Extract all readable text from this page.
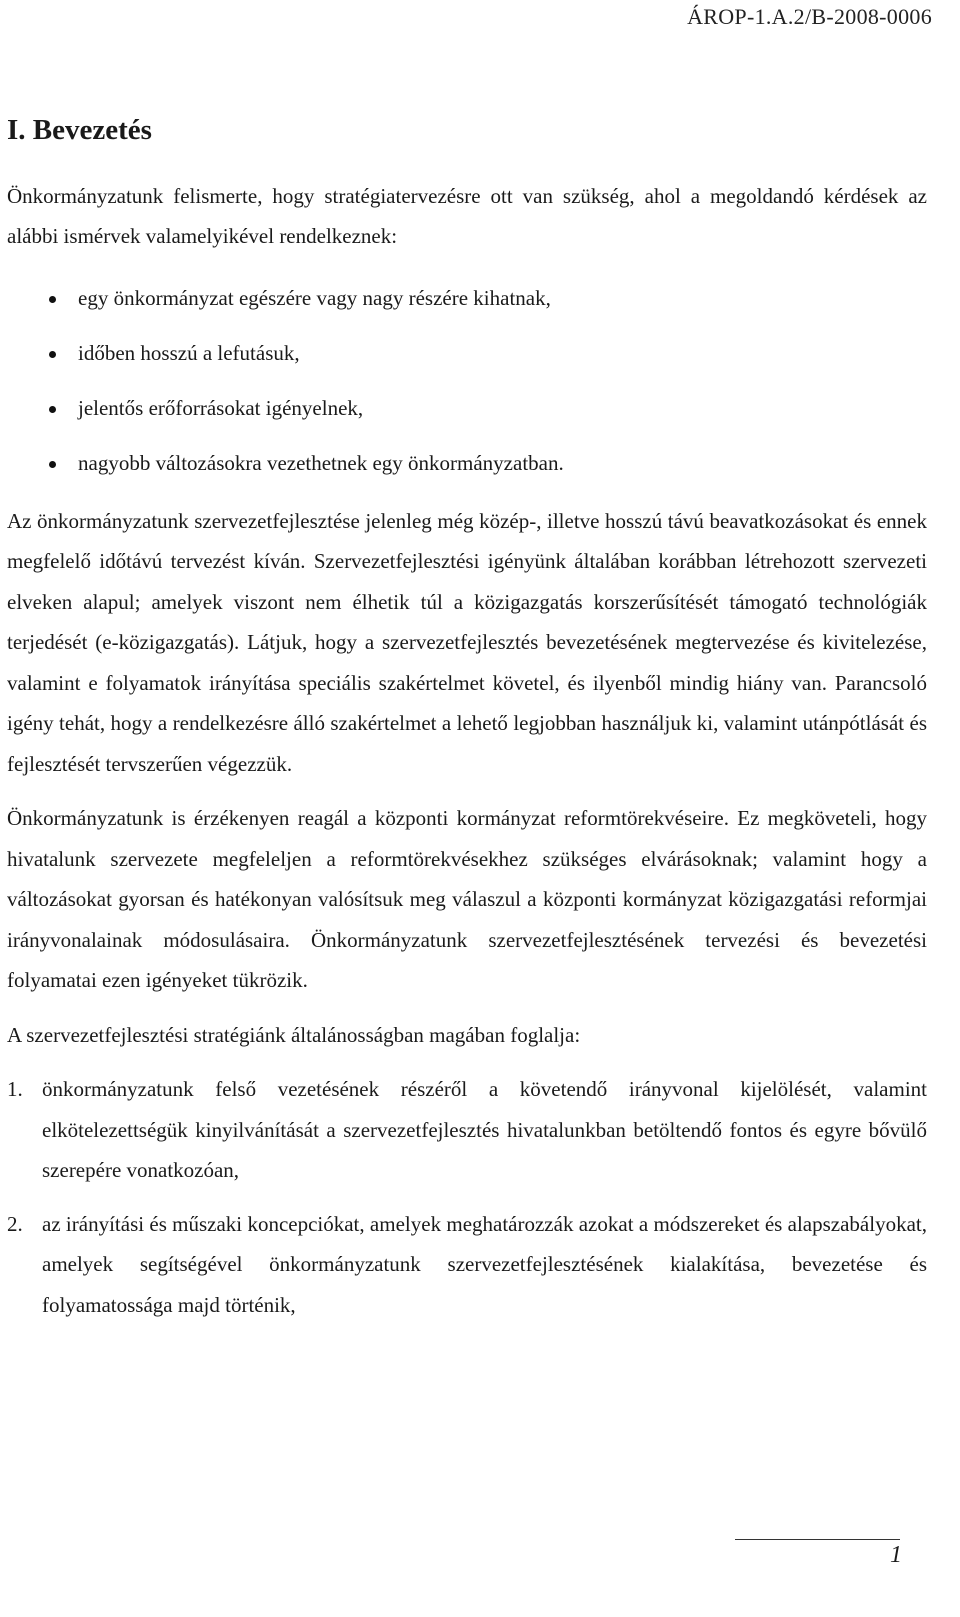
ÁROP-1.A.2/B-2008-0006
I. Bevezetés

Önkormányzatunk felismerte, hogy stratégiatervezésre ott van szükség, ahol a megoldandó kérdések az alábbi ismérvek valamelyikével rendelkeznek:

egy önkormányzat egészére vagy nagy részére kihatnak,
időben hosszú a lefutásuk,
jelentős erőforrásokat igényelnek,
nagyobb változásokra vezethetnek egy önkormányzatban.

Az önkormányzatunk szervezetfejlesztése jelenleg még közép-, illetve hosszú távú beavatkozásokat és ennek megfelelő időtávú tervezést kíván. Szervezetfejlesztési igényünk általában korábban létrehozott szervezeti elveken alapul; amelyek viszont nem élhetik túl a közigazgatás korszerűsítését támogató technológiák terjedését (e-közigazgatás). Látjuk, hogy a szervezetfejlesztés bevezetésének megtervezése és kivitelezése, valamint e folyamatok irányítása speciális szakértelmet követel, és ilyenből mindig hiány van. Parancsoló igény tehát, hogy a rendelkezésre álló szakértelmet a lehető legjobban használjuk ki, valamint utánpótlását és fejlesztését tervszerűen végezzük.

Önkormányzatunk is érzékenyen reagál a központi kormányzat reformtörekvéseire. Ez megköveteli, hogy hivatalunk szervezete megfeleljen a reformtörekvésekhez szükséges elvárásoknak; valamint hogy a változásokat gyorsan és hatékonyan valósítsuk meg válaszul a központi kormányzat közigazgatási reformjai irányvonalainak módosulásaira. Önkormányzatunk szervezetfejlesztésének tervezési és bevezetési folyamatai ezen igényeket tükrözik.

A szervezetfejlesztési stratégiánk általánosságban magában foglalja:

1. önkormányzatunk felső vezetésének részéről a követendő irányvonal kijelölését, valamint elkötelezettségük kinyilvánítását a szervezetfejlesztés hivatalunkban betöltendő fontos és egyre bővülő szerepére vonatkozóan,
2. az irányítási és műszaki koncepciókat, amelyek meghatározzák azokat a módszereket és alapszabályokat, amelyek segítségével önkormányzatunk szervezetfejlesztésének kialakítása, bevezetése és folyamatossága majd történik,
1
